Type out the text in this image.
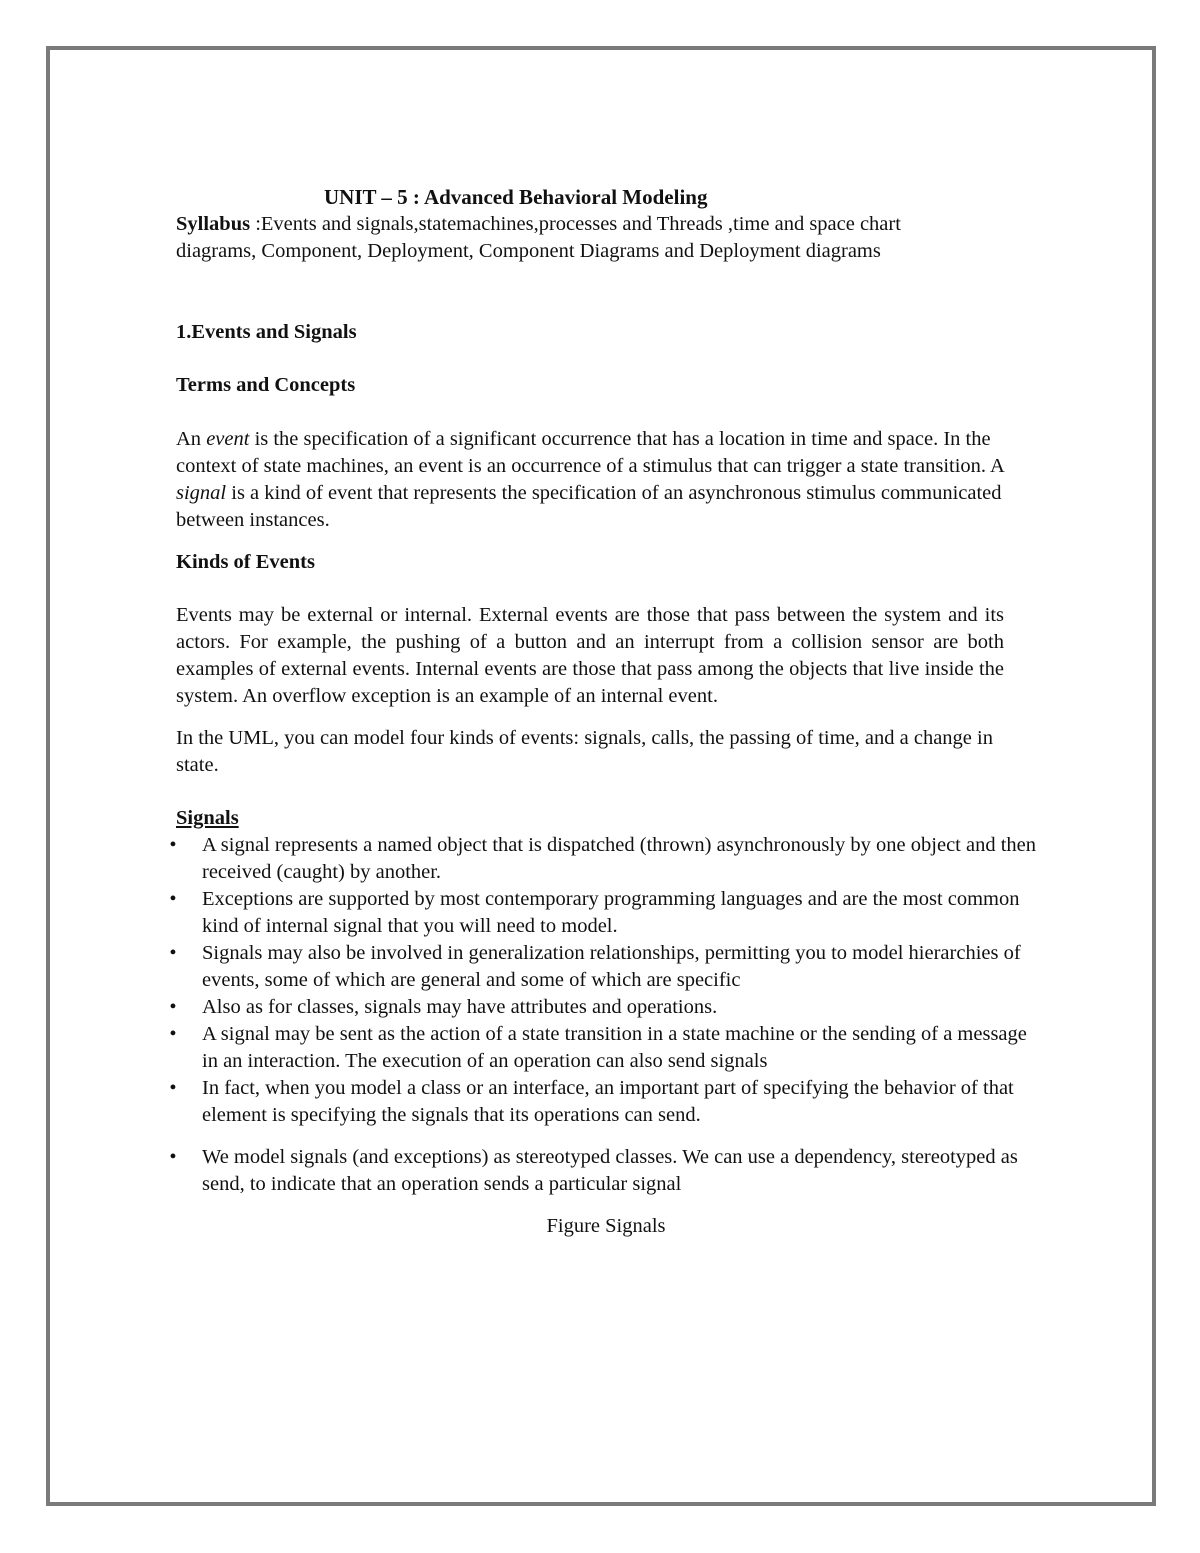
UNIT – 5 : Advanced Behavioral Modeling

Syllabus :Events and signals,statemachines,processes and Threads ,time and space chart diagrams, Component, Deployment, Component Diagrams and Deployment diagrams

1.Events and Signals

Terms and Concepts

An event is the specification of a significant occurrence that has a location in time and space. In the context of state machines, an event is an occurrence of a stimulus that can trigger a state transition. A signal is a kind of event that represents the specification of an asynchronous stimulus communicated between instances.

Kinds of Events

Events may be external or internal. External events are those that pass between the system and its actors. For example, the pushing of a button and an interrupt from a collision sensor are both examples of external events. Internal events are those that pass among the objects that live inside the system. An overflow exception is an example of an internal event.

In the UML, you can model four kinds of events: signals, calls, the passing of time, and a change in state.

Signals

• A signal represents a named object that is dispatched (thrown) asynchronously by one object and then received (caught) by another.
• Exceptions are supported by most contemporary programming languages and are the most common kind of internal signal that you will need to model.
• Signals may also be involved in generalization relationships, permitting you to model hierarchies of events, some of which are general and some of which are specific
• Also as for classes, signals may have attributes and operations.
• A signal may be sent as the action of a state transition in a state machine or the sending of a message in an interaction. The execution of an operation can also send signals
• In fact, when you model a class or an interface, an important part of specifying the behavior of that element is specifying the signals that its operations can send.
• We model signals (and exceptions) as stereotyped classes. We can use a dependency, stereotyped as send, to indicate that an operation sends a particular signal

Figure Signals
